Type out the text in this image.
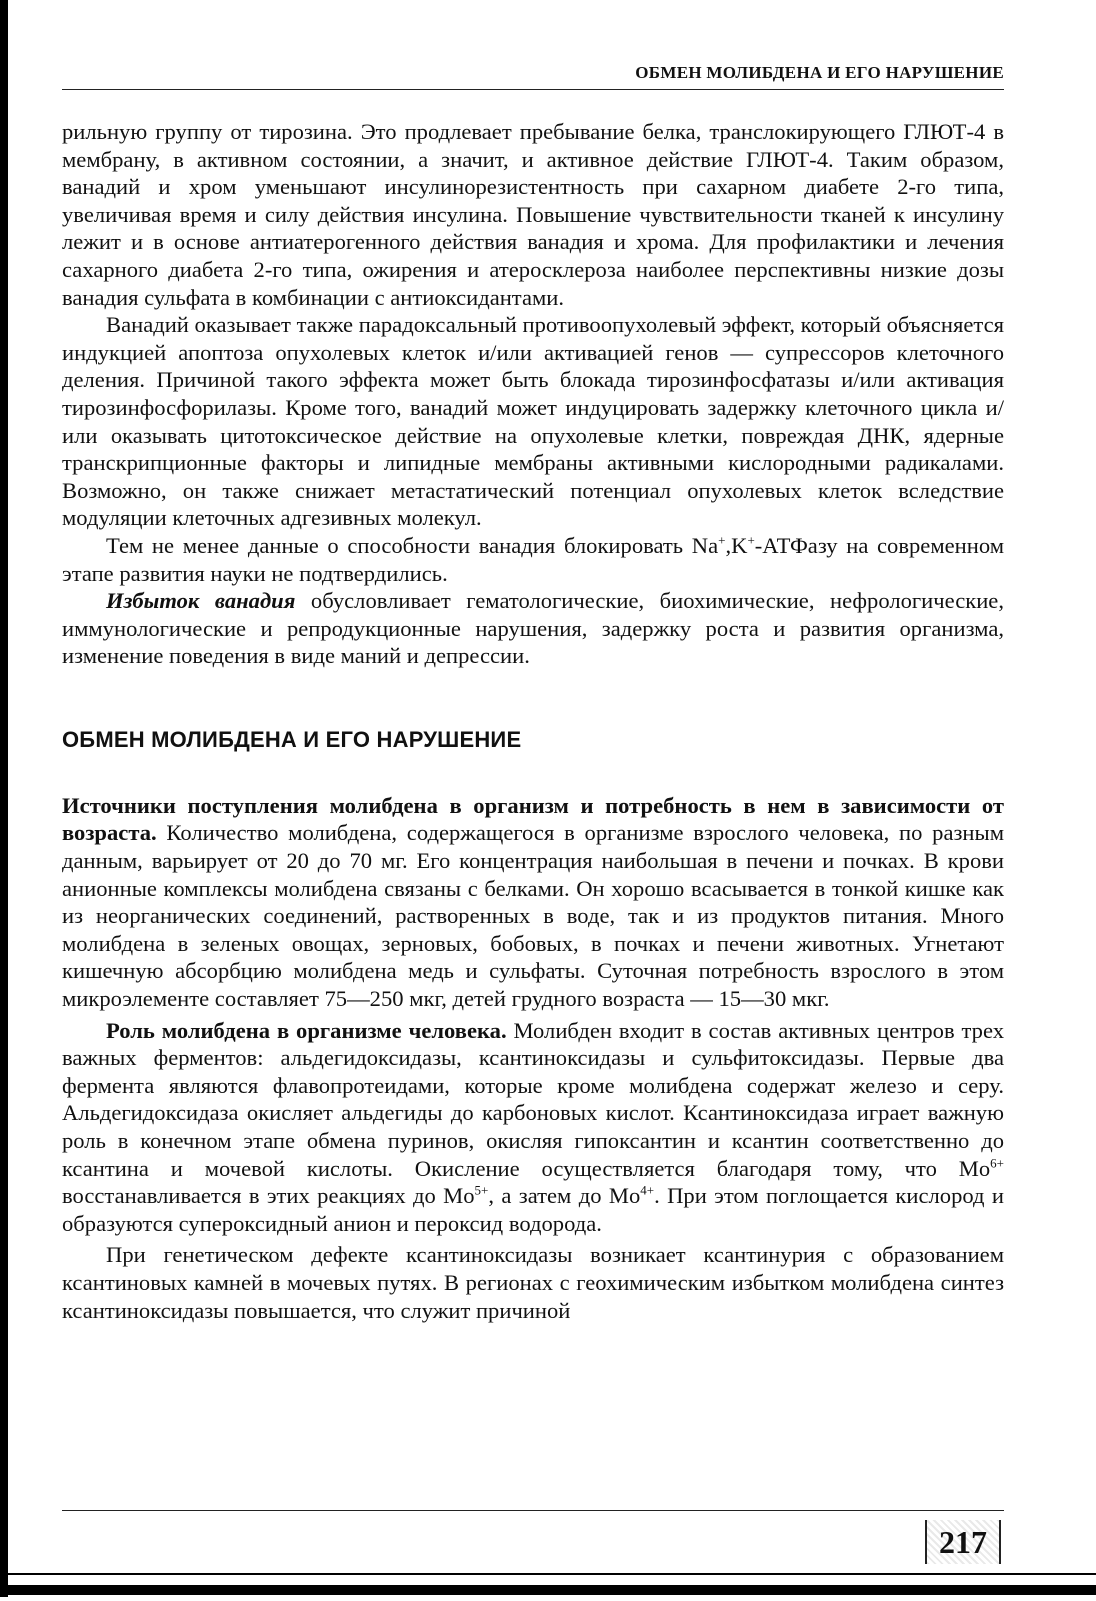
ОБМЕН МОЛИБДЕНА И ЕГО НАРУШЕНИЕ

рильную группу от тирозина. Это продлевает пребывание белка, транслокирующего ГЛЮТ-4 в мембрану, в активном состоянии, а значит, и активное действие ГЛЮТ-4. Таким образом, ванадий и хром уменьшают инсулинорезистентность при сахарном диабете 2-го типа, увеличивая время и силу действия инсулина. Повышение чувствительности тканей к инсулину лежит и в основе антиатерогенного действия ванадия и хрома. Для профилактики и лечения сахарного диабета 2-го типа, ожирения и атеросклероза наиболее перспективны низкие дозы ванадия сульфата в комбинации с антиоксидантами.

Ванадий оказывает также парадоксальный противоопухолевый эффект, который объясняется индукцией апоптоза опухолевых клеток и/или активацией генов — супрессоров клеточного деления. Причиной такого эффекта может быть блокада тирозинфосфатазы и/или активация тирозинфосфорилазы. Кроме того, ванадий может индуцировать задержку клеточного цикла и/или оказывать цитотоксическое действие на опухолевые клетки, повреждая ДНК, ядерные транскрипционные факторы и липидные мембраны активными кислородными радикалами. Возможно, он также снижает метастатический потенциал опухолевых клеток вследствие модуляции клеточных адгезивных молекул.

Тем не менее данные о способности ванадия блокировать Na+,K+-АТФазу на современном этапе развития науки не подтвердились.

Избыток ванадия обусловливает гематологические, биохимические, нефрологические, иммунологические и репродукционные нарушения, задержку роста и развития организма, изменение поведения в виде маний и депрессии.

ОБМЕН МОЛИБДЕНА И ЕГО НАРУШЕНИЕ

Источники поступления молибдена в организм и потребность в нем в зависимости от возраста. Количество молибдена, содержащегося в организме взрослого человека, по разным данным, варьирует от 20 до 70 мг. Его концентрация наибольшая в печени и почках. В крови анионные комплексы молибдена связаны с белками. Он хорошо всасывается в тонкой кишке как из неорганических соединений, растворенных в воде, так и из продуктов питания. Много молибдена в зеленых овощах, зерновых, бобовых, в почках и печени животных. Угнетают кишечную абсорбцию молибдена медь и сульфаты. Суточная потребность взрослого в этом микроэлементе составляет 75—250 мкг, детей грудного возраста — 15—30 мкг.

Роль молибдена в организме человека. Молибден входит в состав активных центров трех важных ферментов: альдегидоксидазы, ксантиноксидазы и сульфитоксидазы. Первые два фермента являются флавопротеидами, которые кроме молибдена содержат железо и серу. Альдегидоксидаза окисляет альдегиды до карбоновых кислот. Ксантиноксидаза играет важную роль в конечном этапе обмена пуринов, окисляя гипоксантин и ксантин соответственно до ксантина и мочевой кислоты. Окисление осуществляется благодаря тому, что $Mo^{6+}$ восстанавливается в этих реакциях до $Mo^{5+}$, а затем до $Mo^{4+}$. При этом поглощается кислород и образуются супероксидный анион и пероксид водорода.

При генетическом дефекте ксантиноксидазы возникает ксантинурия с образованием ксантиновых камней в мочевых путях. В регионах с геохимическим избытком молибдена синтез ксантиноксидазы повышается, что служит причиной

217
